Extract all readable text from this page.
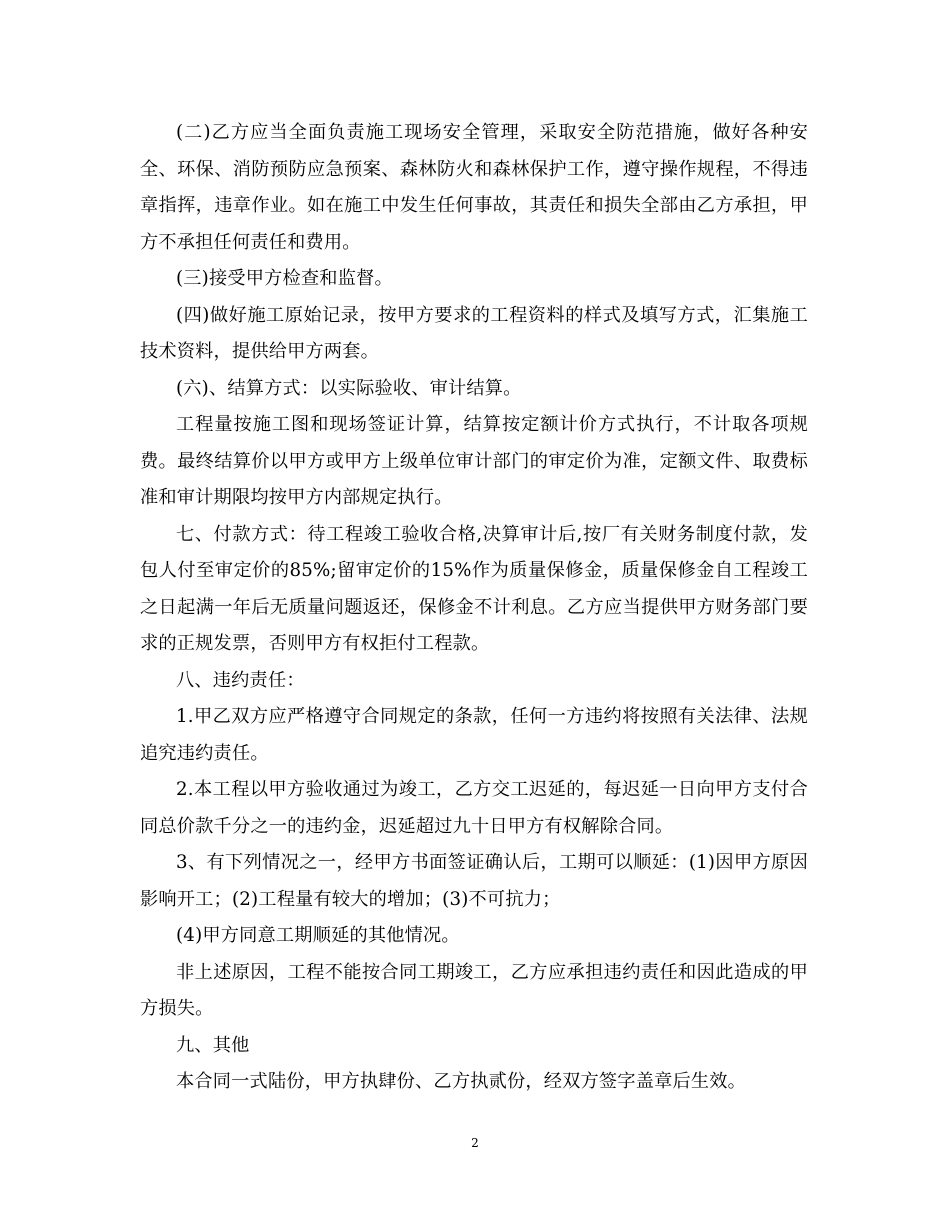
(二)乙方应当全面负责施工现场安全管理，采取安全防范措施，做好各种安全、环保、消防预防应急预案、森林防火和森林保护工作，遵守操作规程，不得违章指挥，违章作业。如在施工中发生任何事故，其责任和损失全部由乙方承担，甲方不承担任何责任和费用。

(三)接受甲方检查和监督。

(四)做好施工原始记录，按甲方要求的工程资料的样式及填写方式，汇集施工技术资料，提供给甲方两套。

(六)、结算方式：以实际验收、审计结算。

工程量按施工图和现场签证计算，结算按定额计价方式执行，不计取各项规费。最终结算价以甲方或甲方上级单位审计部门的审定价为准，定额文件、取费标准和审计期限均按甲方内部规定执行。

七、付款方式：待工程竣工验收合格,决算审计后,按厂有关财务制度付款，发包人付至审定价的85%;留审定价的15%作为质量保修金，质量保修金自工程竣工之日起满一年后无质量问题返还，保修金不计利息。乙方应当提供甲方财务部门要求的正规发票，否则甲方有权拒付工程款。

八、违约责任：

1.甲乙双方应严格遵守合同规定的条款，任何一方违约将按照有关法律、法规追究违约责任。

2.本工程以甲方验收通过为竣工，乙方交工迟延的，每迟延一日向甲方支付合同总价款千分之一的违约金，迟延超过九十日甲方有权解除合同。

3、有下列情况之一，经甲方书面签证确认后，工期可以顺延：(1)因甲方原因影响开工；(2)工程量有较大的增加；(3)不可抗力；

(4)甲方同意工期顺延的其他情况。

非上述原因，工程不能按合同工期竣工，乙方应承担违约责任和因此造成的甲方损失。

九、其他

本合同一式陆份，甲方执肆份、乙方执贰份，经双方签字盖章后生效。

2
